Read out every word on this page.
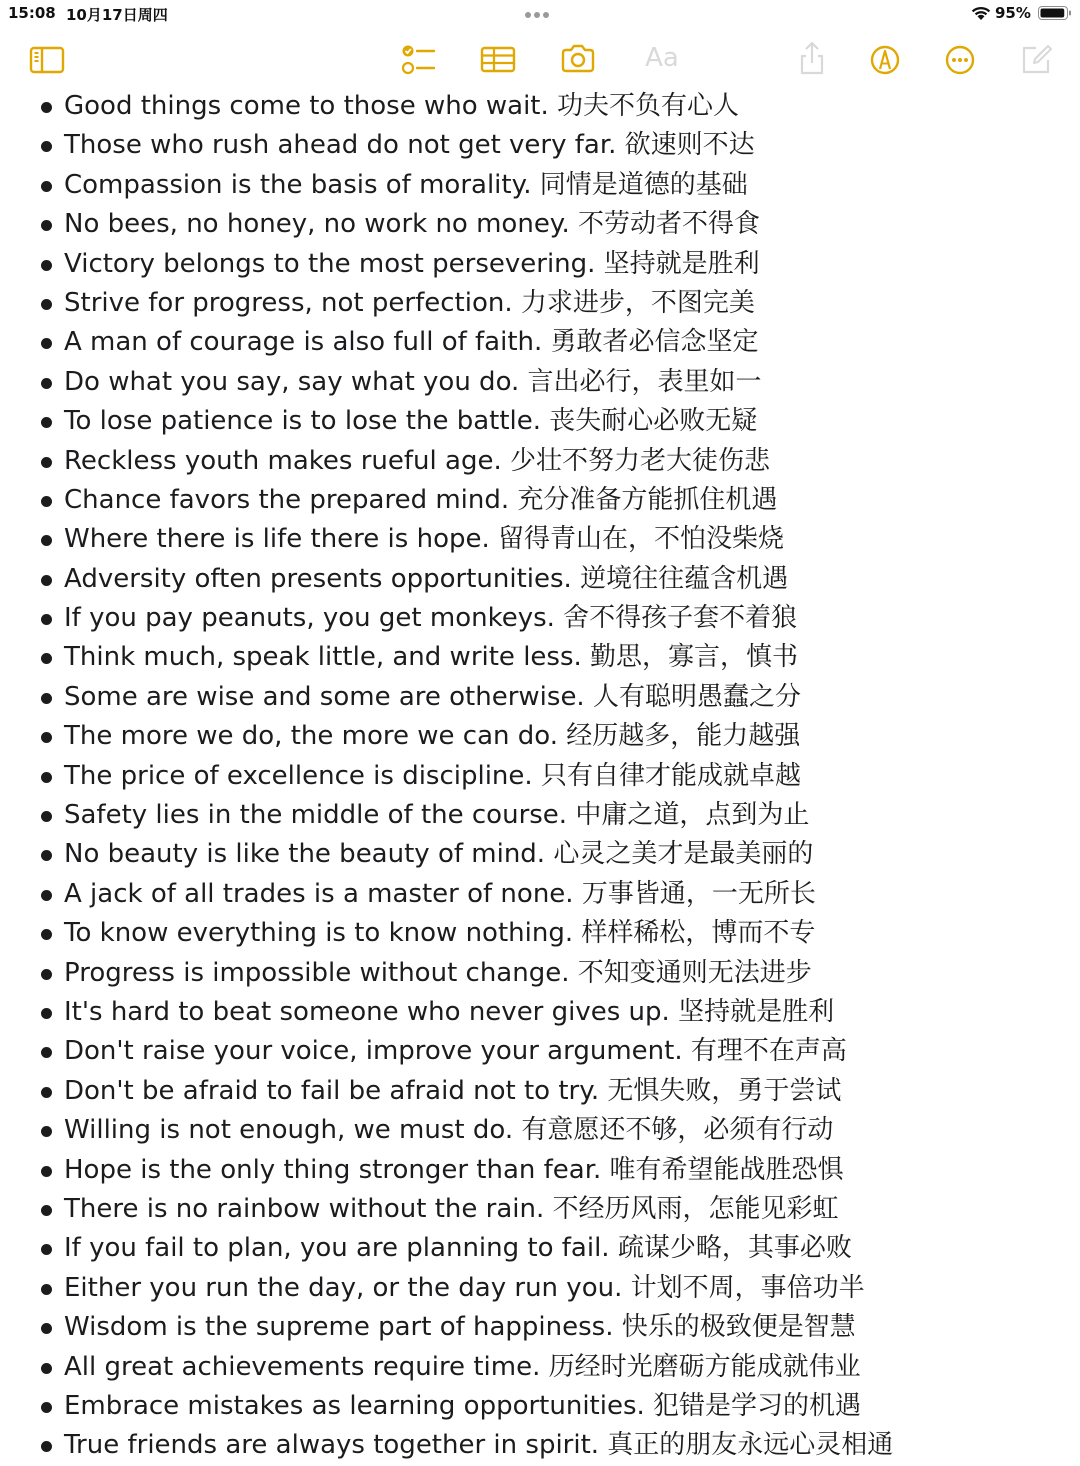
15:08 10月17日周四	95%
Aa
Good things come to those who wait. 功夫不负有心人
Those who rush ahead do not get very far. 欲速则不达
Compassion is the basis of morality. 同情是道德的基础
No bees, no honey, no work no money. 不劳动者不得食
Victory belongs to the most persevering. 坚持就是胜利
Strive for progress, not perfection. 力求进步，不图完美
A man of courage is also full of faith. 勇敢者必信念坚定
Do what you say, say what you do. 言出必行，表里如一
To lose patience is to lose the battle. 丧失耐心必败无疑
Reckless youth makes rueful age. 少壮不努力老大徒伤悲
Chance favors the prepared mind. 充分准备方能抓住机遇
Where there is life there is hope. 留得青山在，不怕没柴烧
Adversity often presents opportunities. 逆境往往蕴含机遇
If you pay peanuts, you get monkeys. 舍不得孩子套不着狼
Think much, speak little, and write less. 勤思，寡言，慎书
Some are wise and some are otherwise. 人有聪明愚蠢之分
The more we do, the more we can do. 经历越多，能力越强
The price of excellence is discipline. 只有自律才能成就卓越
Safety lies in the middle of the course. 中庸之道，点到为止
No beauty is like the beauty of mind. 心灵之美才是最美丽的
A jack of all trades is a master of none. 万事皆通，一无所长
To know everything is to know nothing. 样样稀松，博而不专
Progress is impossible without change. 不知变通则无法进步
It's hard to beat someone who never gives up. 坚持就是胜利
Don't raise your voice, improve your argument. 有理不在声高
Don't be afraid to fail be afraid not to try. 无惧失败，勇于尝试
Willing is not enough, we must do. 有意愿还不够，必须有行动
Hope is the only thing stronger than fear. 唯有希望能战胜恐惧
There is no rainbow without the rain. 不经历风雨，怎能见彩虹
If you fail to plan, you are planning to fail. 疏谋少略，其事必败
Either you run the day, or the day run you. 计划不周，事倍功半
Wisdom is the supreme part of happiness. 快乐的极致便是智慧
All great achievements require time. 历经时光磨砺方能成就伟业
Embrace mistakes as learning opportunities. 犯错是学习的机遇
True friends are always together in spirit. 真正的朋友永远心灵相通
